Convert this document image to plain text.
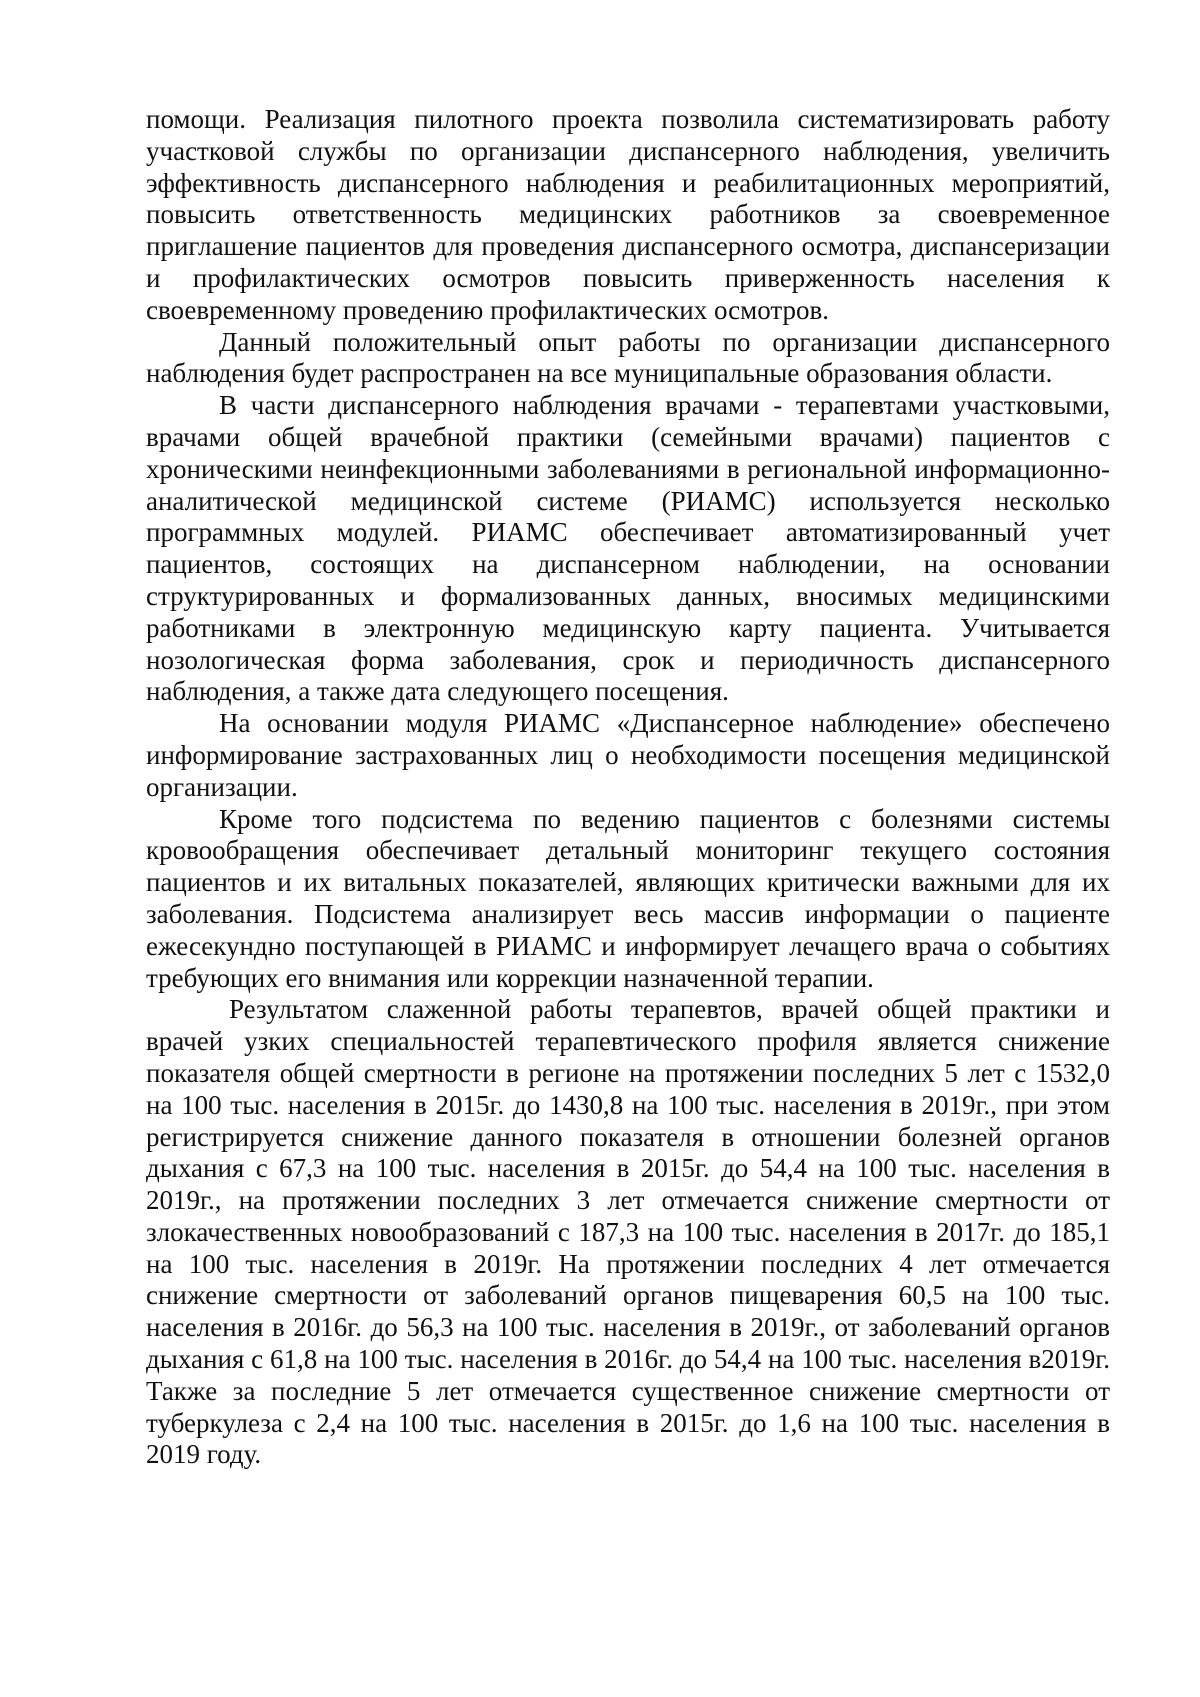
помощи. Реализация пилотного проекта позволила систематизировать работу участковой службы по организации диспансерного наблюдения, увеличить эффективность диспансерного наблюдения и реабилитационных мероприятий, повысить ответственность медицинских работников за своевременное приглашение пациентов для проведения диспансерного осмотра, диспансеризации и профилактических осмотров повысить приверженность населения к своевременному проведению профилактических осмотров.

Данный положительный опыт работы по организации диспансерного наблюдения будет распространен на все муниципальные образования области.

В части диспансерного наблюдения врачами - терапевтами участковыми, врачами общей врачебной практики (семейными врачами) пациентов с хроническими неинфекционными заболеваниями в региональной информационно-аналитической медицинской системе (РИАМС) используется несколько программных модулей. РИАМС обеспечивает автоматизированный учет пациентов, состоящих на диспансерном наблюдении, на основании структурированных и формализованных данных, вносимых медицинскими работниками в электронную медицинскую карту пациента. Учитывается нозологическая форма заболевания, срок и периодичность диспансерного наблюдения, а также дата следующего посещения.

На основании модуля РИАМС «Диспансерное наблюдение» обеспечено информирование застрахованных лиц о необходимости посещения медицинской организации.

Кроме того подсистема по ведению пациентов с болезнями системы кровообращения обеспечивает детальный мониторинг текущего состояния пациентов и их витальных показателей, являющих критически важными для их заболевания. Подсистема анализирует весь массив информации о пациенте ежесекундно поступающей в РИАМС и информирует лечащего врача о событиях требующих его внимания или коррекции назначенной терапии.

Результатом слаженной работы терапевтов, врачей общей практики и врачей узких специальностей терапевтического профиля является снижение показателя общей смертности в регионе на протяжении последних 5 лет с 1532,0 на 100 тыс. населения в 2015г. до 1430,8 на 100 тыс. населения в 2019г., при этом регистрируется снижение данного показателя в отношении болезней органов дыхания с 67,3 на 100 тыс. населения в 2015г. до 54,4 на 100 тыс. населения в 2019г., на протяжении последних 3 лет отмечается снижение смертности от злокачественных новообразований с 187,3 на 100 тыс. населения в 2017г. до 185,1 на 100 тыс. населения в 2019г. На протяжении последних 4 лет отмечается снижение смертности от заболеваний органов пищеварения 60,5 на 100 тыс. населения в 2016г. до 56,3 на 100 тыс. населения в 2019г., от заболеваний органов дыхания с 61,8 на 100 тыс. населения в 2016г. до 54,4 на 100 тыс. населения в2019г. Также за последние 5 лет отмечается существенное снижение смертности от туберкулеза с 2,4 на 100 тыс. населения в 2015г. до 1,6 на 100 тыс. населения в 2019 году.
